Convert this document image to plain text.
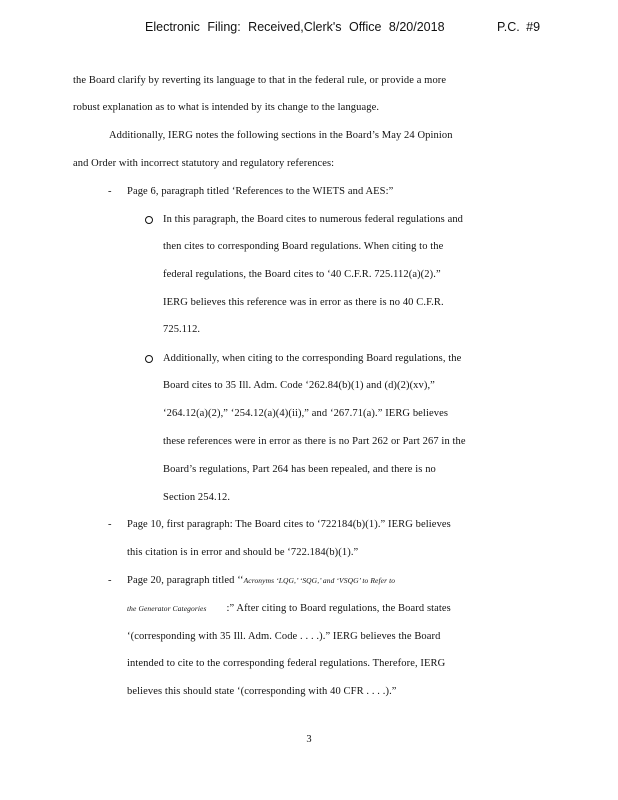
Electronic Filing: Received,Clerk's Office 8/20/2018	P.C. #9
the Board clarify by reverting its language to that in the federal rule, or provide a more
robust explanation as to what is intended by its change to the language.
Additionally, IERG notes the following sections in the Board’s May 24 Opinion
and Order with incorrect statutory and regulatory references:
- Page 6, paragraph titled ‘References to the WIETS and AES:”
In this paragraph, the Board cites to numerous federal regulations and
then cites to corresponding Board regulations. When citing to the
federal regulations, the Board cites to ‘40 C.F.R. 725.112(a)(2).”
IERG believes this reference was in error as there is no 40 C.F.R.
725.112.
Additionally, when citing to the corresponding Board regulations, the
Board cites to 35 Ill. Adm. Code ‘262.84(b)(1) and (d)(2)(xv),”
‘264.12(a)(2),” ‘254.12(a)(4)(ii),” and ‘267.71(a).” IERG believes
these references were in error as there is no Part 262 or Part 267 in the
Board’s regulations, Part 264 has been repealed, and there is no
Section 254.12.
- Page 10, first paragraph: The Board cites to ‘722184(b)(1).” IERG believes
this citation is in error and should be ‘722.184(b)(1).”
- Page 20, paragraph titled ‘‘Acronyms ‘LQG,’ ‘SQG,’ and ‘VSQG’ to Refer to
the Generator Categories :” After citing to Board regulations, the Board states
‘(corresponding with 35 Ill. Adm. Code . . . .).” IERG believes the Board
intended to cite to the corresponding federal regulations. Therefore, IERG
believes this should state ‘(corresponding with 40 CFR . . . .).”
3
